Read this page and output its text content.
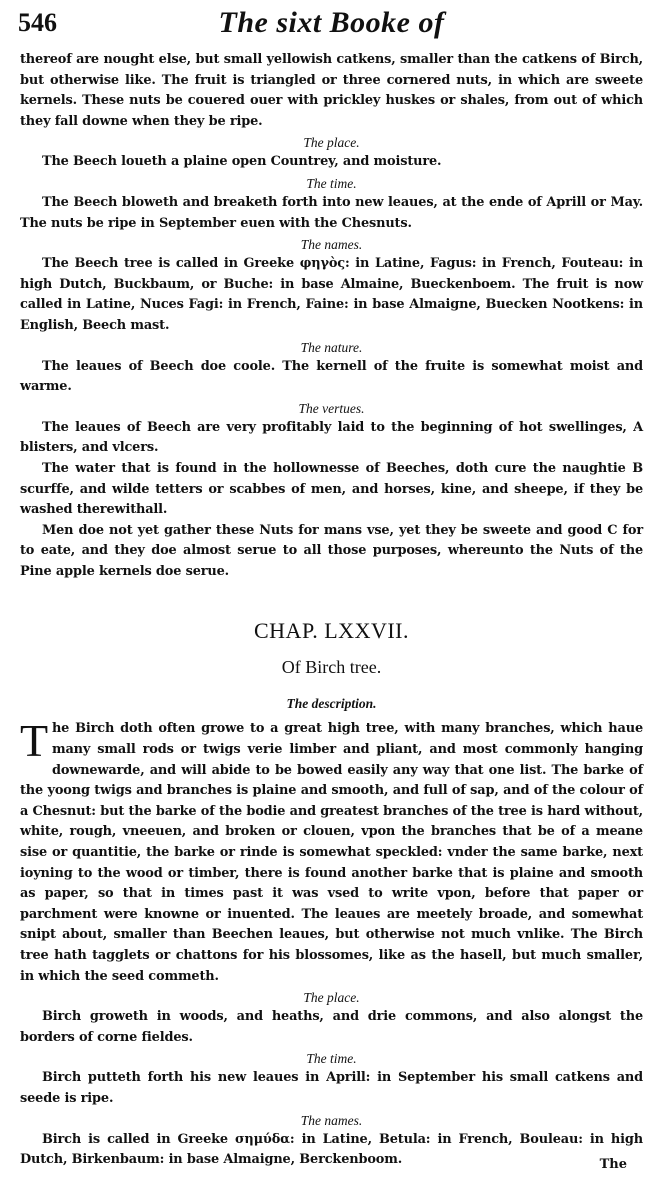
546	The sixt Booke of

thereof are nought else, but small yellowish catkens, smaller than the catkens of Birch, but otherwise like. The fruit is triangled or three cornered nuts, in which are sweete kernels. These nuts be couered ouer with prickley huskes or shales, from out of which they fall downe when they be ripe.

The place.

The Beech loueth a plaine open Countrey, and moisture.

The time.

The Beech bloweth and breaketh forth into new leaues, at the ende of Aprill or May. The nuts be ripe in September euen with the Chesnuts.

The names.

The Beech tree is called in Greeke φηγὸς: in Latine, Fagus: in French, Fouteau: in high Dutch, Buckbaum, or Buche: in base Almaine, Bueckenboem. The fruit is now called in Latine, Nuces Fagi: in French, Faine: in base Almaigne, Buecken Nootkens: in English, Beech mast.

The nature.

The leaues of Beech doe coole. The kernell of the fruite is somewhat moist and warme.

The vertues.

The leaues of Beech are very profitably laid to the beginning of hot swellinges, A blisters, and vlcers.

The water that is found in the hollownesse of Beeches, doth cure the naughtie B scurffe, and wilde tetters or scabbes of men, and horses, kine, and sheepe, if they be washed therewithall.

Men doe not yet gather these Nuts for mans vse, yet they be sweete and good C for to eate, and they doe almost serue to all those purposes, whereunto the Nuts of the Pine apple kernels doe serue.

CHAP. LXXVII.
Of Birch tree.
The description.

The Birch doth often growe to a great high tree, with many branches, which haue many small rods or twigs verie limber and pliant, and most commonly hanging downewarde, and will abide to be bowed easily any way that one list. The barke of the yoong twigs and branches is plaine and smooth, and full of sap, and of the colour of a Chesnut: but the barke of the bodie and greatest branches of the tree is hard without, white, rough, vneeuen, and broken or clouen, vpon the branches that be of a meane sise or quantitie, the barke or rinde is somewhat speckled: vnder the same barke, next ioyning to the wood or timber, there is found another barke that is plaine and smooth as paper, so that in times past it was vsed to write vpon, before that paper or parchment were knowne or inuented. The leaues are meetely broade, and somewhat snipt about, smaller than Beechen leaues, but otherwise not much vnlike. The Birch tree hath tagglets or chattons for his blossomes, like as the hasell, but much smaller, in which the seed commeth.

The place.

Birch groweth in woods, and heaths, and drie commons, and also alongst the borders of corne fieldes.

The time.

Birch putteth forth his new leaues in Aprill: in September his small catkens and seede is ripe.

The names.

Birch is called in Greeke σημύδα: in Latine, Betula: in French, Bouleau: in high Dutch, Birkenbaum: in base Almaigne, Berckenboom.	The
